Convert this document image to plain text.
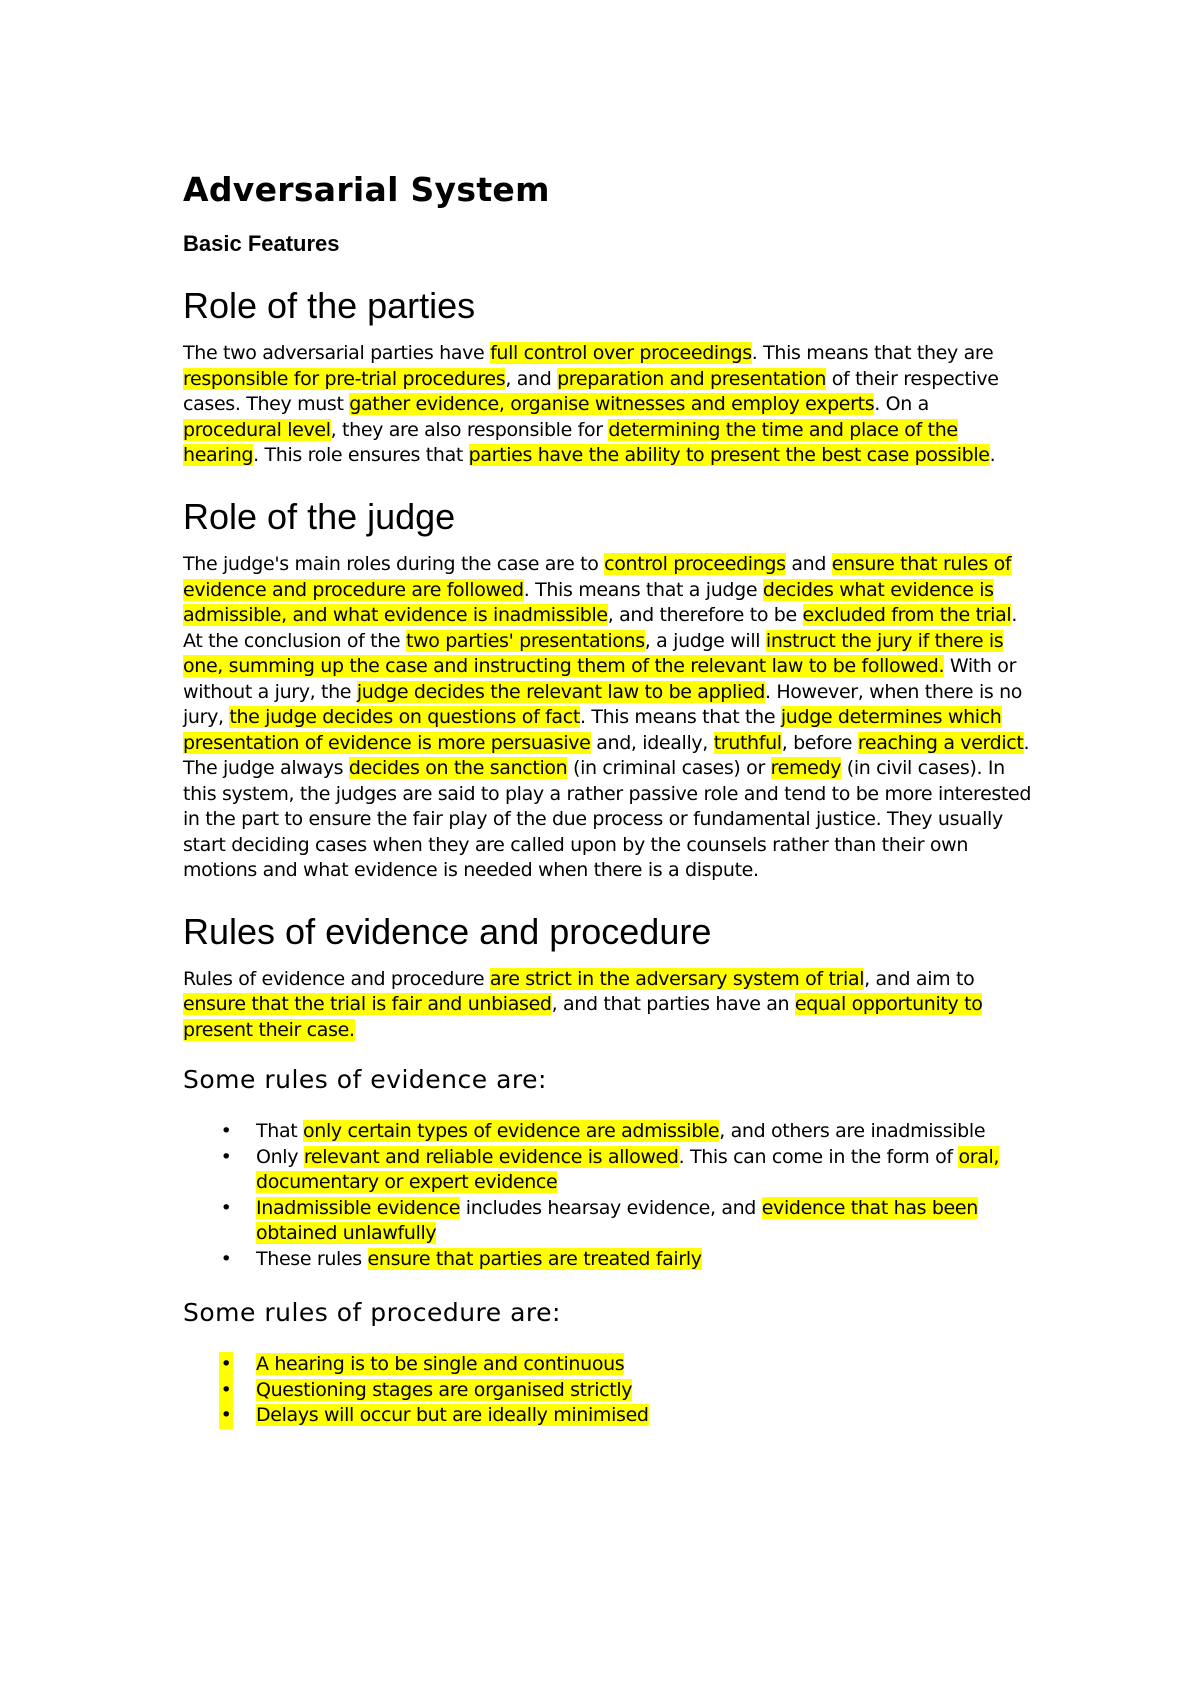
Adversarial System
Basic Features
Role of the parties

The two adversarial parties have full control over proceedings. This means that they are responsible for pre-trial procedures, and preparation and presentation of their respective cases. They must gather evidence, organise witnesses and employ experts. On a procedural level, they are also responsible for determining the time and place of the hearing. This role ensures that parties have the ability to present the best case possible.

Role of the judge

The judge's main roles during the case are to control proceedings and ensure that rules of evidence and procedure are followed. This means that a judge decides what evidence is admissible, and what evidence is inadmissible, and therefore to be excluded from the trial. At the conclusion of the two parties' presentations, a judge will instruct the jury if there is one, summing up the case and instructing them of the relevant law to be followed. With or without a jury, the judge decides the relevant law to be applied. However, when there is no jury, the judge decides on questions of fact. This means that the judge determines which presentation of evidence is more persuasive and, ideally, truthful, before reaching a verdict. The judge always decides on the sanction (in criminal cases) or remedy (in civil cases). In this system, the judges are said to play a rather passive role and tend to be more interested in the part to ensure the fair play of the due process or fundamental justice. They usually start deciding cases when they are called upon by the counsels rather than their own motions and what evidence is needed when there is a dispute.

Rules of evidence and procedure

Rules of evidence and procedure are strict in the adversary system of trial, and aim to ensure that the trial is fair and unbiased, and that parties have an equal opportunity to present their case.

Some rules of evidence are:
• That only certain types of evidence are admissible, and others are inadmissible
• Only relevant and reliable evidence is allowed. This can come in the form of oral, documentary or expert evidence
• Inadmissible evidence includes hearsay evidence, and evidence that has been obtained unlawfully
• These rules ensure that parties are treated fairly
Some rules of procedure are:
• A hearing is to be single and continuous
• Questioning stages are organised strictly
• Delays will occur but are ideally minimised
